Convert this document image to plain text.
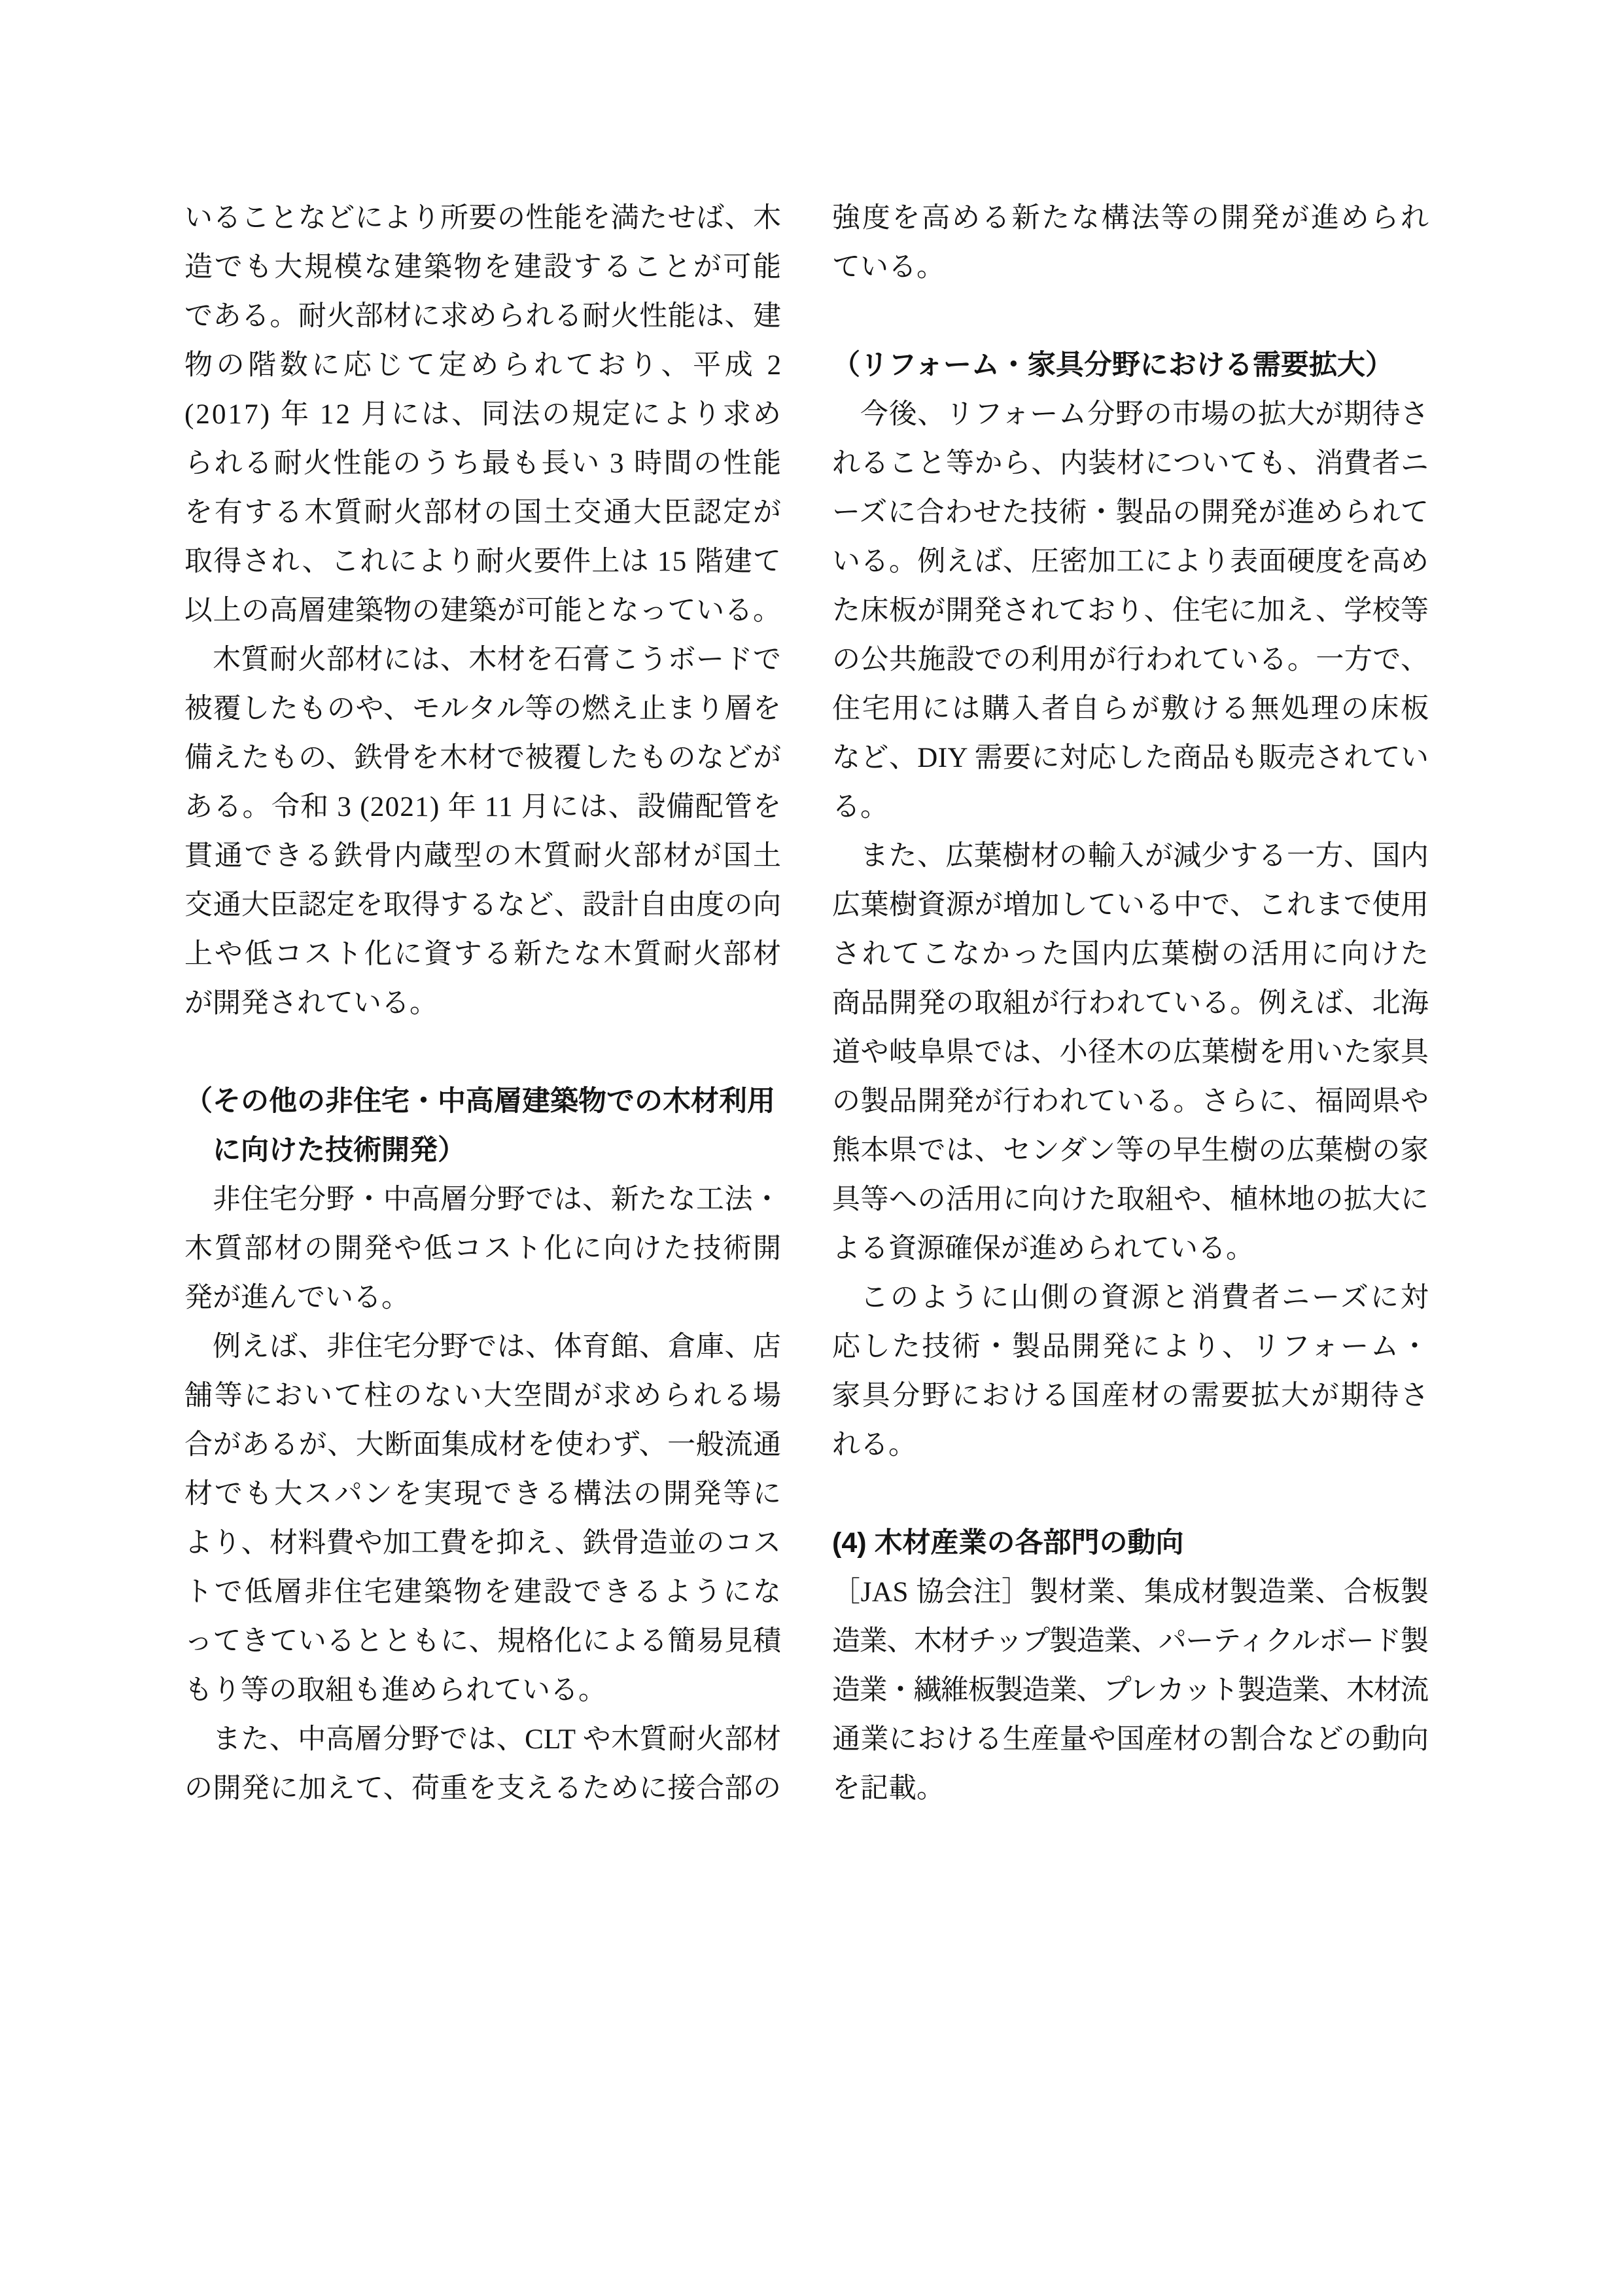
いることなどにより所要の性能を満たせば、木
造でも大規模な建築物を建設することが可能
である。耐火部材に求められる耐火性能は、建
物の階数に応じて定められており、平成 2
(2017) 年 12 月には、同法の規定により求め
られる耐火性能のうち最も長い 3 時間の性能
を有する木質耐火部材の国土交通大臣認定が
取得され、これにより耐火要件上は 15 階建て
以上の高層建築物の建築が可能となっている。
木質耐火部材には、木材を石膏こうボードで
被覆したものや、モルタル等の燃え止まり層を
備えたもの、鉄骨を木材で被覆したものなどが
ある。令和 3 (2021) 年 11 月には、設備配管を
貫通できる鉄骨内蔵型の木質耐火部材が国土
交通大臣認定を取得するなど、設計自由度の向
上や低コスト化に資する新たな木質耐火部材
が開発されている。
（その他の非住宅・中高層建築物での木材利用
に向けた技術開発）
非住宅分野・中高層分野では、新たな工法・
木質部材の開発や低コスト化に向けた技術開
発が進んでいる。
例えば、非住宅分野では、体育館、倉庫、店
舗等において柱のない大空間が求められる場
合があるが、大断面集成材を使わず、一般流通
材でも大スパンを実現できる構法の開発等に
より、材料費や加工費を抑え、鉄骨造並のコス
トで低層非住宅建築物を建設できるようにな
ってきているとともに、規格化による簡易見積
もり等の取組も進められている。
また、中高層分野では、CLT や木質耐火部材
の開発に加えて、荷重を支えるために接合部の
強度を高める新たな構法等の開発が進められ
ている。
（リフォーム・家具分野における需要拡大）
今後、リフォーム分野の市場の拡大が期待さ
れること等から、内装材についても、消費者ニ
ーズに合わせた技術・製品の開発が進められて
いる。例えば、圧密加工により表面硬度を高め
た床板が開発されており、住宅に加え、学校等
の公共施設での利用が行われている。一方で、
住宅用には購入者自らが敷ける無処理の床板
など、DIY 需要に対応した商品も販売されてい
る。
また、広葉樹材の輸入が減少する一方、国内
広葉樹資源が増加している中で、これまで使用
されてこなかった国内広葉樹の活用に向けた
商品開発の取組が行われている。例えば、北海
道や岐阜県では、小径木の広葉樹を用いた家具
の製品開発が行われている。さらに、福岡県や
熊本県では、センダン等の早生樹の広葉樹の家
具等への活用に向けた取組や、植林地の拡大に
よる資源確保が進められている。
このように山側の資源と消費者ニーズに対
応した技術・製品開発により、リフォーム・
家具分野における国産材の需要拡大が期待さ
れる。
(4) 木材産業の各部門の動向
［JAS 協会注］製材業、集成材製造業、合板製
造業、木材チップ製造業、パーティクルボード製
造業・繊維板製造業、プレカット製造業、木材流
通業における生産量や国産材の割合などの動向
を記載。
